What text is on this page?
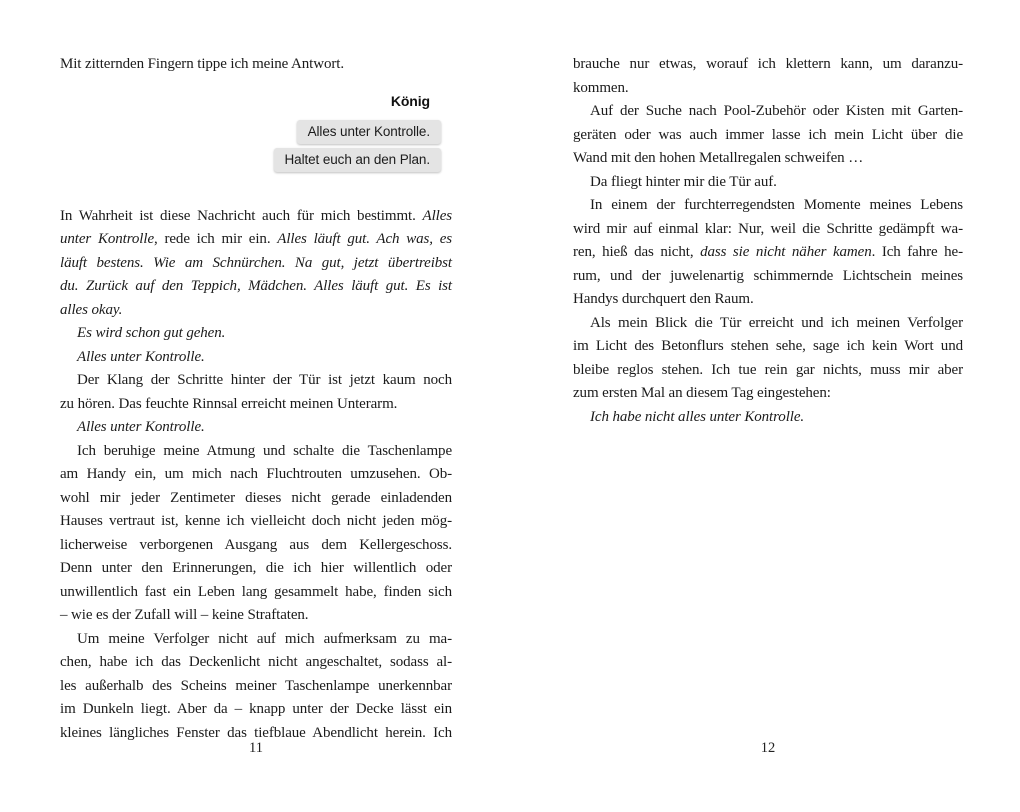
Mit zitternden Fingern tippe ich meine Antwort.
König
Alles unter Kontrolle.
Haltet euch an den Plan.
In Wahrheit ist diese Nachricht auch für mich bestimmt. Alles
unter Kontrolle, rede ich mir ein. Alles läuft gut. Ach was, es
läuft bestens. Wie am Schnürchen. Na gut, jetzt übertreibst
du. Zurück auf den Teppich, Mädchen. Alles läuft gut. Es ist
alles okay.
Es wird schon gut gehen.
Alles unter Kontrolle.
Der Klang der Schritte hinter der Tür ist jetzt kaum noch
zu hören. Das feuchte Rinnsal erreicht meinen Unterarm.
Alles unter Kontrolle.
Ich beruhige meine Atmung und schalte die Taschenlampe
am Handy ein, um mich nach Fluchtrouten umzusehen. Ob-
wohl mir jeder Zentimeter dieses nicht gerade einladenden
Hauses vertraut ist, kenne ich vielleicht doch nicht jeden mög-
licherweise verborgenen Ausgang aus dem Kellergeschoss.
Denn unter den Erinnerungen, die ich hier willentlich oder
unwillentlich fast ein Leben lang gesammelt habe, finden sich
– wie es der Zufall will – keine Straftaten.
Um meine Verfolger nicht auf mich aufmerksam zu ma-
chen, habe ich das Deckenlicht nicht angeschaltet, sodass al-
les außerhalb des Scheins meiner Taschenlampe unerkennbar
im Dunkeln liegt. Aber da – knapp unter der Decke lässt ein
kleines längliches Fenster das tiefblaue Abendlicht herein. Ich
brauche nur etwas, worauf ich klettern kann, um daranzu-
kommen.
Auf der Suche nach Pool-Zubehör oder Kisten mit Garten-
geräten oder was auch immer lasse ich mein Licht über die
Wand mit den hohen Metallregalen schweifen …
Da fliegt hinter mir die Tür auf.
In einem der furchterregendsten Momente meines Lebens
wird mir auf einmal klar: Nur, weil die Schritte gedämpft wa-
ren, hieß das nicht, dass sie nicht näher kamen. Ich fahre he-
rum, und der juwelenartig schimmernde Lichtschein meines
Handys durchquert den Raum.
Als mein Blick die Tür erreicht und ich meinen Verfolger
im Licht des Betonflurs stehen sehe, sage ich kein Wort und
bleibe reglos stehen. Ich tue rein gar nichts, muss mir aber
zum ersten Mal an diesem Tag eingestehen:
Ich habe nicht alles unter Kontrolle.
11	12
